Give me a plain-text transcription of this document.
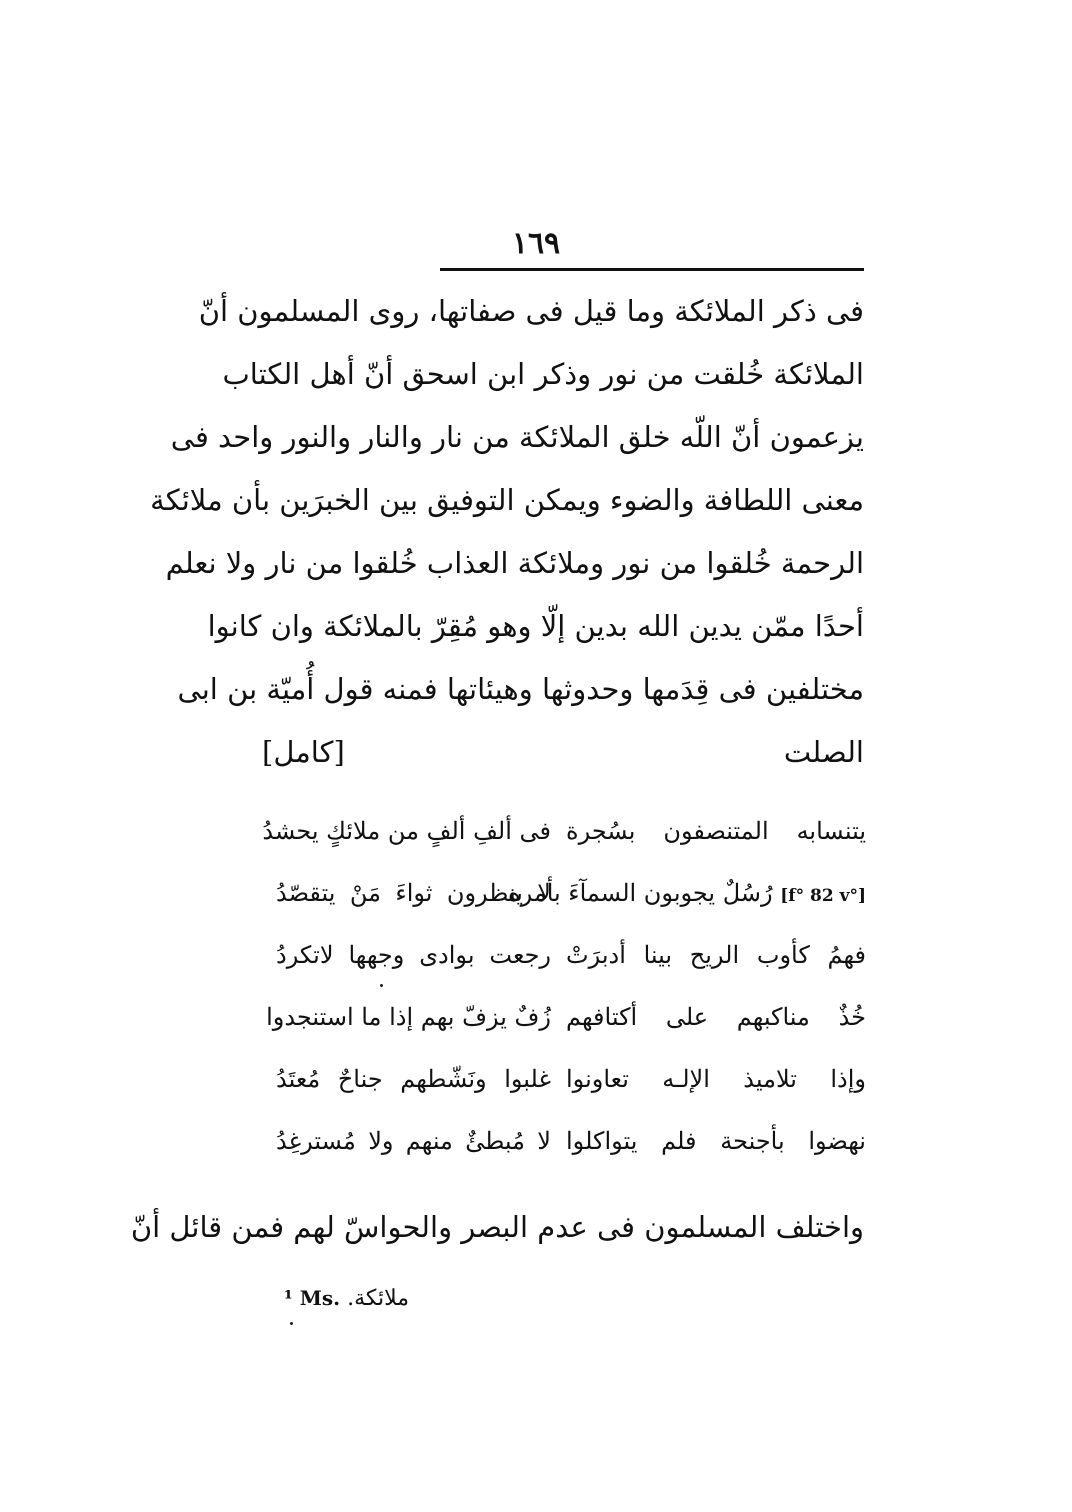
١٦٩
فى ذكر الملائكة وما قيل فى صفاتها، روى المسلمون أنّ
الملائكة خُلقت من نور وذكر ابن اسحق أنّ أهل الكتاب
يزعمون أنّ اللّه خلق الملائكة من نار والنار والنور واحد فى
معنى اللطافة والضوء ويمكن التوفيق بين الخبرَين بأن ملائكة
الرحمة خُلقوا من نور وملائكة العذاب خُلقوا من نار ولا نعلم
أحدًا ممّن يدين الله بدين إلّا وهو مُقِرّ بالملائكة وان كانوا
مختلفين فى قِدَمها وحدوثها وهيئاتها فمنه قول أُميّة بن ابى
الصلت
[كامل]
يتنسابه المتنصفون بسُجرة
فى ألفِ ألفٍ من ملائكٍ يحشدُ
[f° 82 v°] رُسُلٌ يجوبون السمآءَ بأمره
لا ينظرون ثواءَ مَنْ يتقصّدُ
فهمُ كأوب الريح بينا أدبرَتْ
رجعت بوادى وجهها لاتكردُ
خُذٌ مناكبهم على أكتافهم
زُفٌ يزفّ بهم إذا ما استنجدوا
وإذا تلاميذ الإلـه تعاونوا
غلبوا ونَشّطهم جناحٌ مُعتَدُ
نهضوا بأجنحة فلم يتواكلوا
لا مُبطئٌ منهم ولا مُسترغِدُ
واختلف المسلمون فى عدم البصر والحواسّ لهم فمن قائل أنّ
¹ Ms. ملائكة.
